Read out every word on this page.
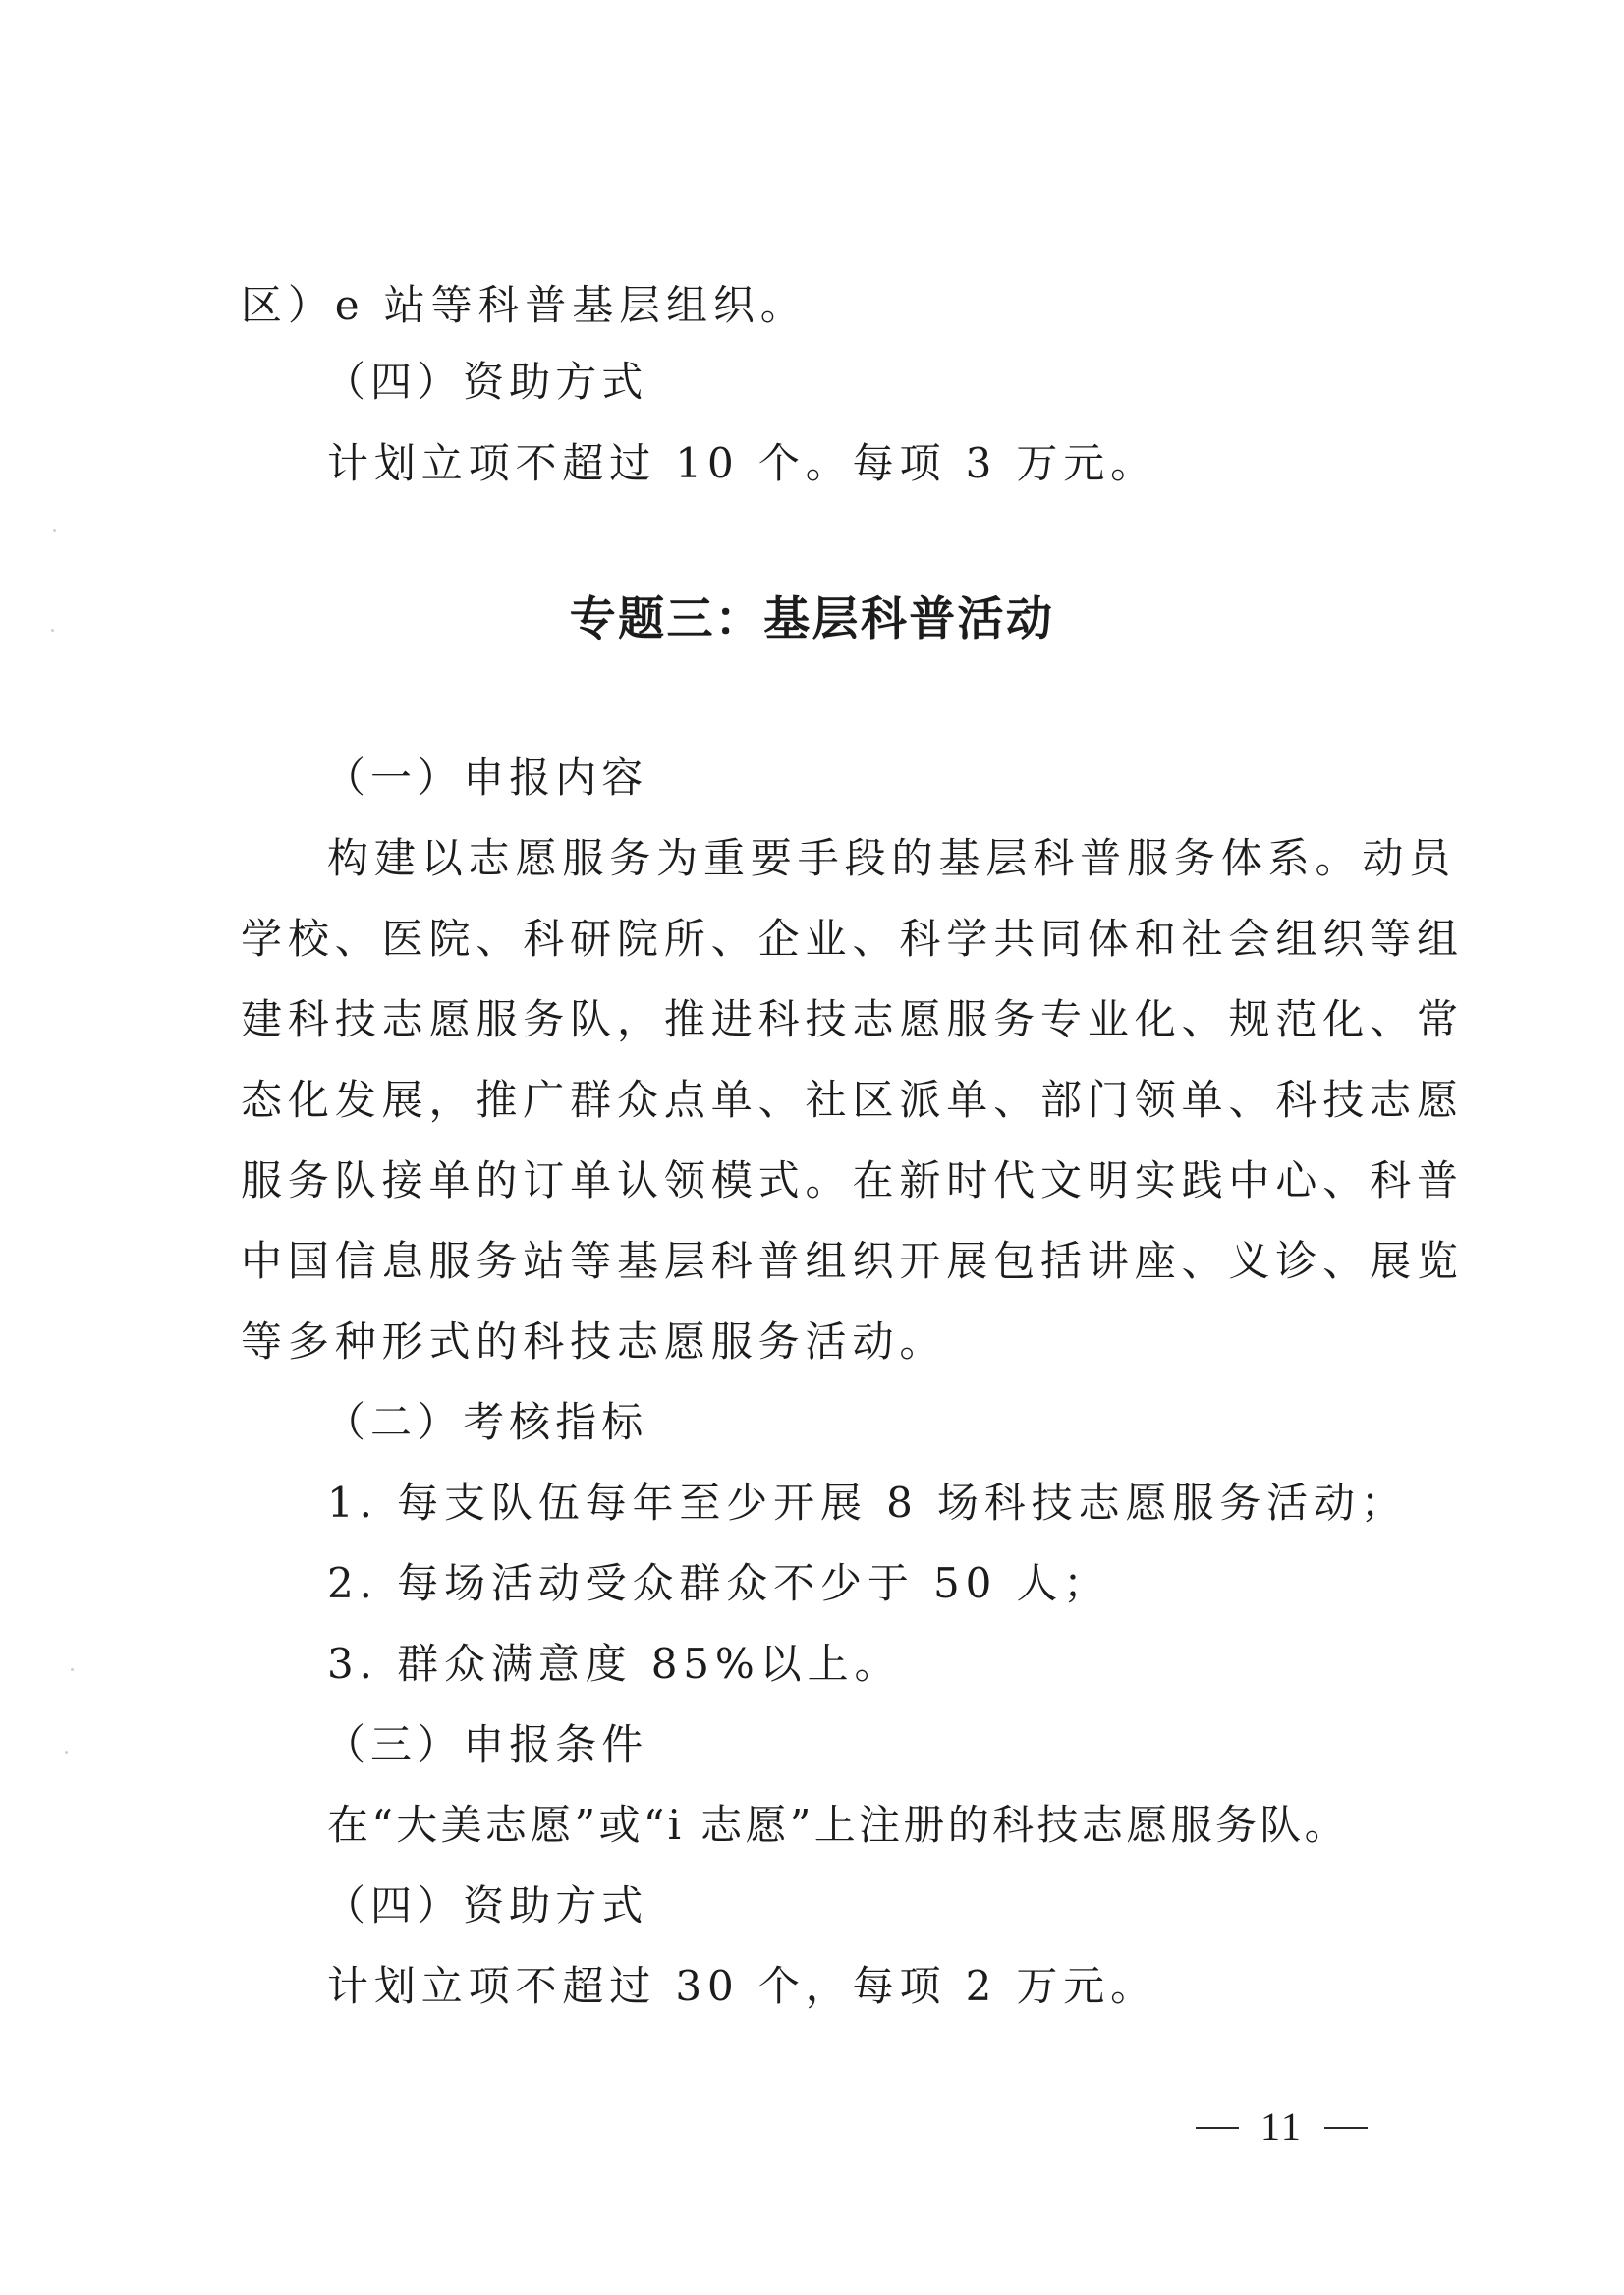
区）e 站等科普基层组织。
（四）资助方式
计划立项不超过 10 个。每项 3 万元。
专题三：基层科普活动
（一）申报内容
构建以志愿服务为重要手段的基层科普服务体系。动员
学校、医院、科研院所、企业、科学共同体和社会组织等组
建科技志愿服务队，推进科技志愿服务专业化、规范化、常
态化发展，推广群众点单、社区派单、部门领单、科技志愿
服务队接单的订单认领模式。在新时代文明实践中心、科普
中国信息服务站等基层科普组织开展包括讲座、义诊、展览
等多种形式的科技志愿服务活动。
（二）考核指标
1. 每支队伍每年至少开展 8 场科技志愿服务活动；
2. 每场活动受众群众不少于 50 人；
3. 群众满意度 85%以上。
（三）申报条件
在“大美志愿”或“i 志愿”上注册的科技志愿服务队。
（四）资助方式
计划立项不超过 30 个，每项 2 万元。
11
